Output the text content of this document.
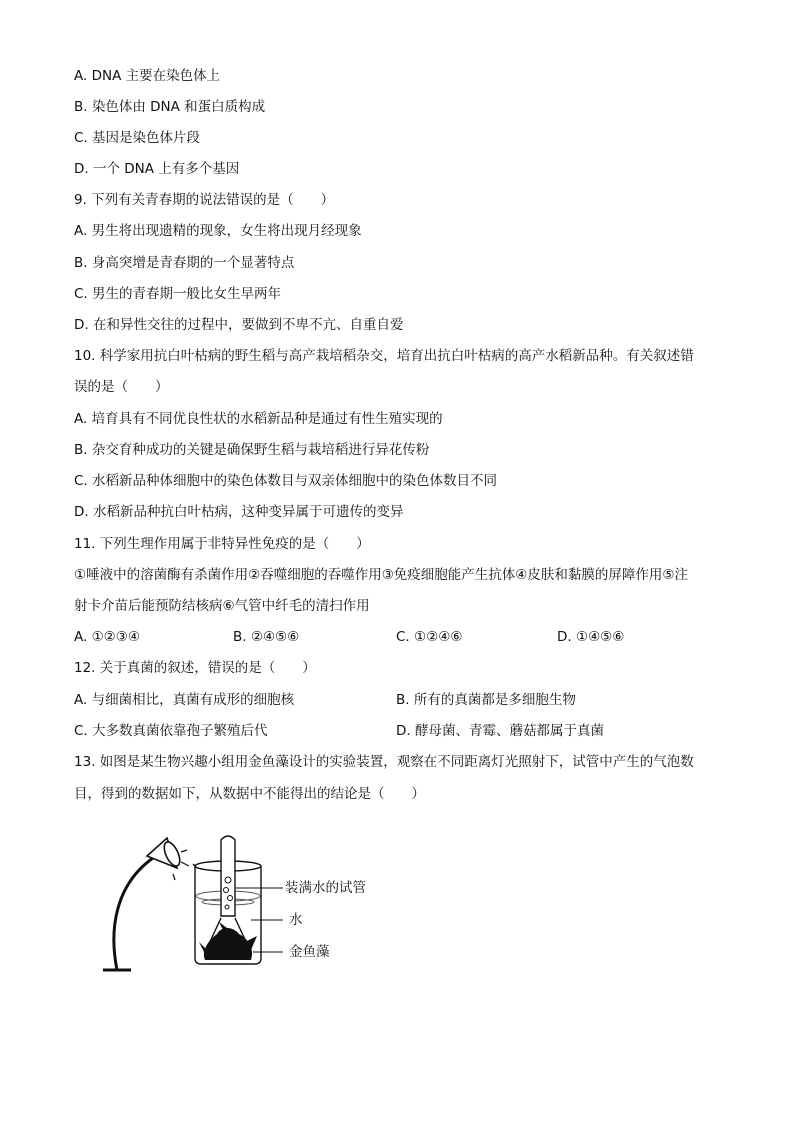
A. DNA 主要在染色体上
B. 染色体由 DNA 和蛋白质构成
C. 基因是染色体片段
D. 一个 DNA 上有多个基因
9. 下列有关青春期的说法错误的是（　　）
A. 男生将出现遗精的现象，女生将出现月经现象
B. 身高突增是青春期的一个显著特点
C. 男生的青春期一般比女生早两年
D. 在和异性交往的过程中，要做到不卑不亢、自重自爱
10. 科学家用抗白叶枯病的野生稻与高产栽培稻杂交，培育出抗白叶枯病的高产水稻新品种。有关叙述错
误的是（　　）
A. 培育具有不同优良性状的水稻新品种是通过有性生殖实现的
B. 杂交育种成功的关键是确保野生稻与栽培稻进行异花传粉
C. 水稻新品种体细胞中的染色体数目与双亲体细胞中的染色体数目不同
D. 水稻新品种抗白叶枯病，这种变异属于可遗传的变异
11. 下列生理作用属于非特异性免疫的是（　　）
①唾液中的溶菌酶有杀菌作用②吞噬细胞的吞噬作用③免疫细胞能产生抗体④皮肤和黏膜的屏障作用⑤注
射卡介苗后能预防结核病⑥气管中纤毛的清扫作用
A. ①②③④	B. ②④⑤⑥	C. ①②④⑥	D. ①④⑤⑥
12. 关于真菌的叙述，错误的是（　　）
A. 与细菌相比，真菌有成形的细胞核	B. 所有的真菌都是多细胞生物
C. 大多数真菌依靠孢子繁殖后代	D. 酵母菌、青霉、蘑菇都属于真菌
13. 如图是某生物兴趣小组用金鱼藻设计的实验装置，观察在不同距离灯光照射下，试管中产生的气泡数
目，得到的数据如下，从数据中不能得出的结论是（　　）
装满水的试管
水
金鱼藻
